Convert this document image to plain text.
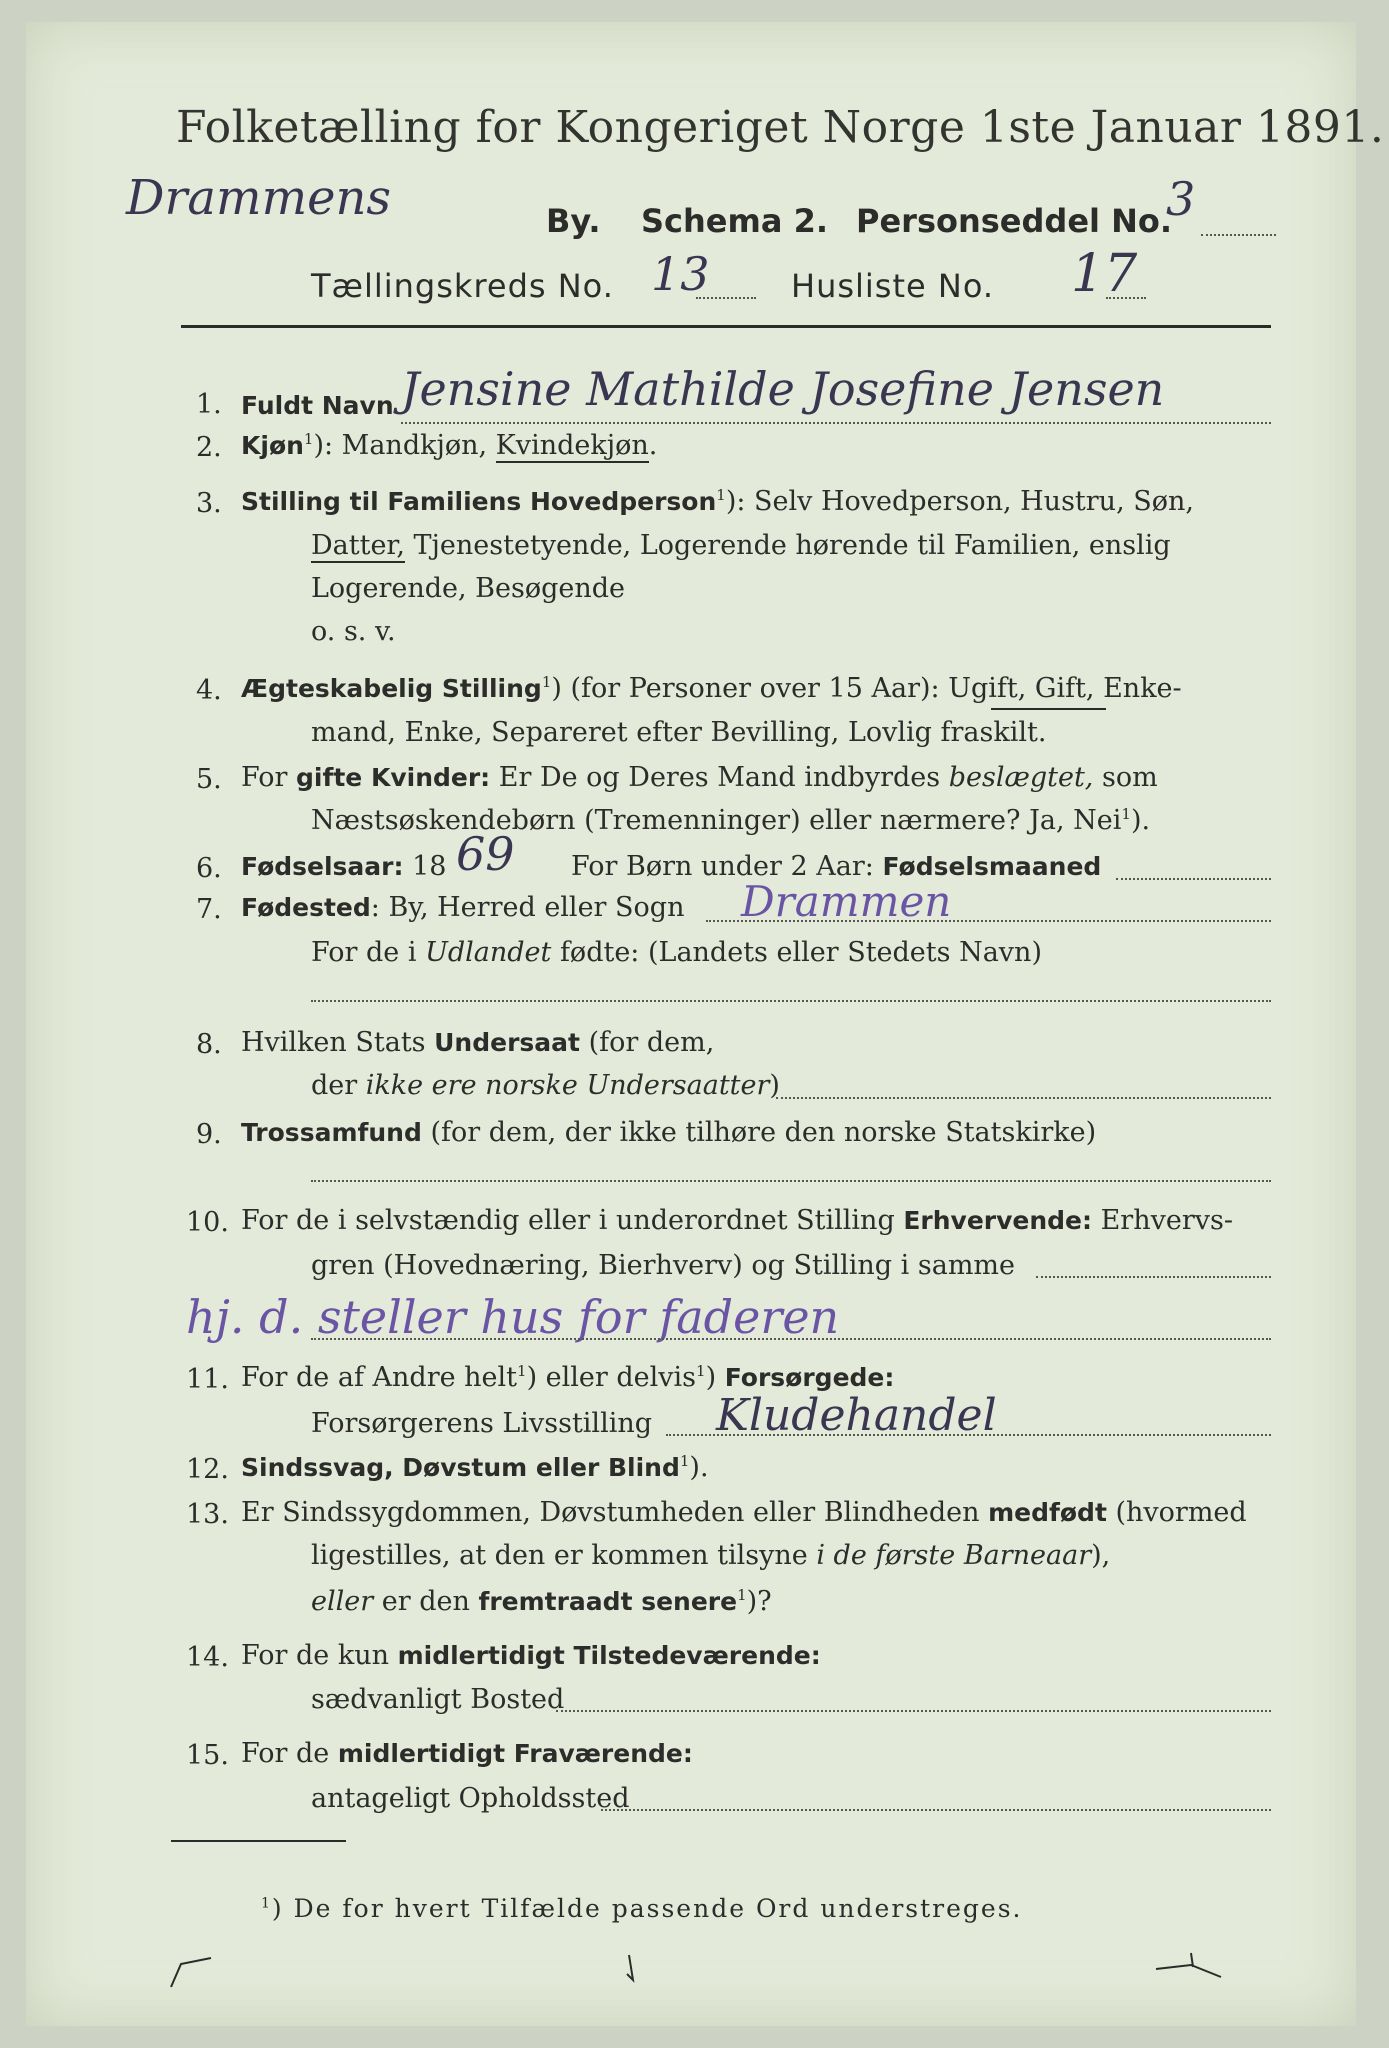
Folketælling for Kongeriget Norge 1ste Januar 1891.
Drammens	By. Schema 2. Personseddel No.
3
Tællingskreds No. 13	Husliste No. 17
1. Fuldt Navn Jensine Mathilde Josefine Jensen
2. Kjøn$^1$): Mandkjøn, Kvindekjøn.
3. Stilling til Familiens Hovedperson$^1$): Selv Hovedperson, Hustru, Søn,
Datter, Tjenestetyende, Logerende hørende til Familien, enslig
Logerende, Besøgende
o. s. v.
4. Ægteskabelig Stilling$^1$) (for Personer over 15 Aar): Ugift, Gift, Enke-
mand, Enke, Separeret efter Bevilling, Lovlig fraskilt.
5. For gifte Kvinder: Er De og Deres Mand indbyrdes beslægtet, som
Næstsøskendebørn (Tremenninger) eller nærmere? Ja, Nei$^1$).
6. Fødselsaar: 18 69 For Børn under 2 Aar: Fødselsmaaned
7. Fødested: By, Herred eller Sogn Drammen
For de i Udlandet fødte: (Landets eller Stedets Navn)
8. Hvilken Stats Undersaat (for dem,
der ikke ere norske Undersaatter)
9. Trossamfund (for dem, der ikke tilhøre den norske Statskirke)
10. For de i selvstændig eller i underordnet Stilling Erhvervende: Erhvervs-
gren (Hovednæring, Bierhverv) og Stilling i samme
hj. d. steller hus for faderen
11. For de af Andre helt$^1$) eller delvis$^1$) Forsørgede:
Forsørgerens Livsstilling Kludehandel
12. Sindssvag, Døvstum eller Blind$^1$).
13. Er Sindssygdommen, Døvstumheden eller Blindheden medfødt (hvormed
ligestilles, at den er kommen tilsyne i de første Barneaar),
eller er den fremtraadt senere$^1$)?
14. For de kun midlertidigt Tilstedeværende:
sædvanligt Bosted
15. For de midlertidigt Fraværende:
antageligt Opholdssted
$^1$) De for hvert Tilfælde passende Ord understreges.
